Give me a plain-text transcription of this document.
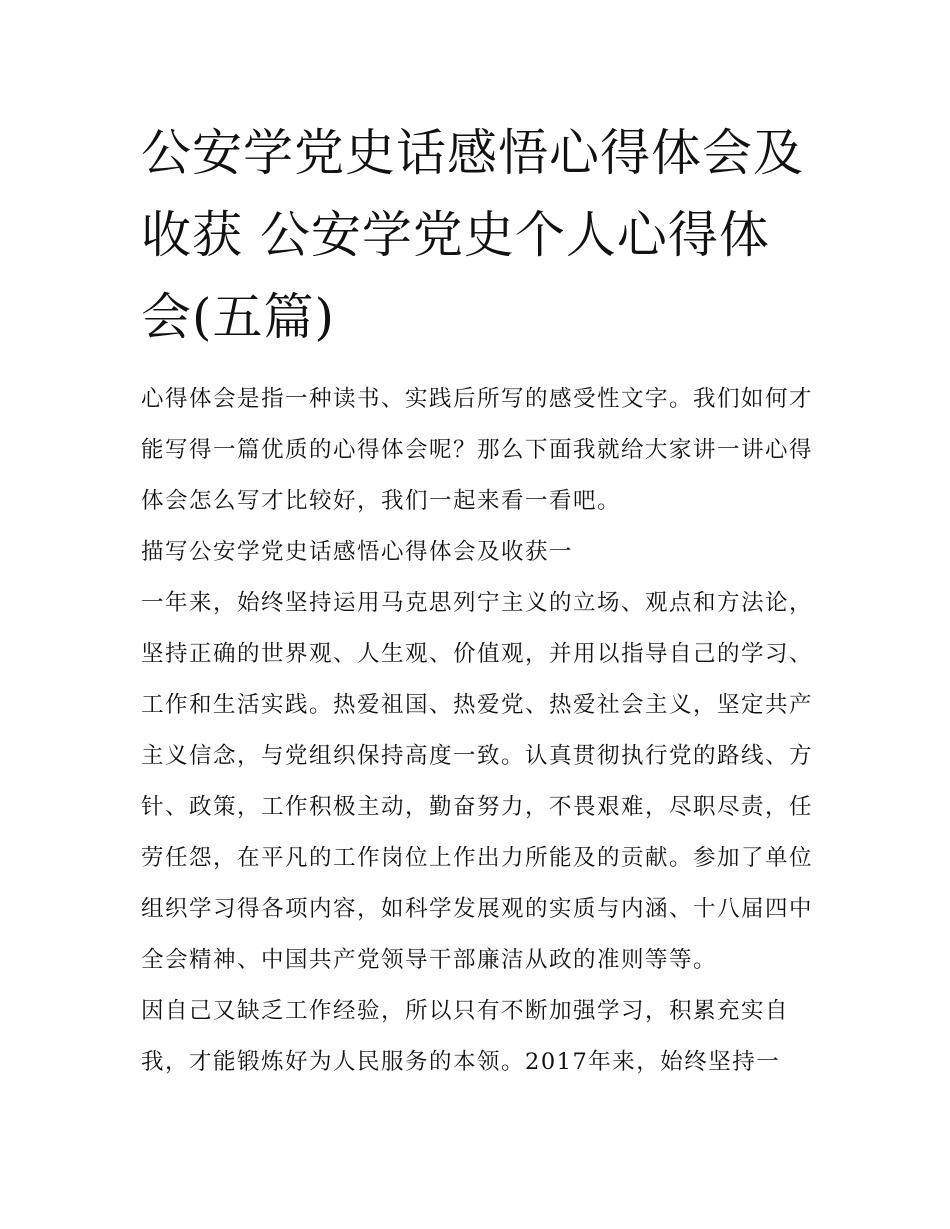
公安学党史话感悟心得体会及收获 公安学党史个人心得体会(五篇)

心得体会是指一种读书、实践后所写的感受性文字。我们如何才能写得一篇优质的心得体会呢？那么下面我就给大家讲一讲心得体会怎么写才比较好，我们一起来看一看吧。

描写公安学党史话感悟心得体会及收获一

一年来，始终坚持运用马克思列宁主义的立场、观点和方法论，坚持正确的世界观、人生观、价值观，并用以指导自己的学习、工作和生活实践。热爱祖国、热爱党、热爱社会主义，坚定共产主义信念，与党组织保持高度一致。认真贯彻执行党的路线、方针、政策，工作积极主动，勤奋努力，不畏艰难，尽职尽责，任劳任怨，在平凡的工作岗位上作出力所能及的贡献。参加了单位组织学习得各项内容，如科学发展观的实质与内涵、十八届四中全会精神、中国共产党领导干部廉洁从政的准则等等。

因自己又缺乏工作经验，所以只有不断加强学习，积累充实自我，才能锻炼好为人民服务的本领。2017年来，始终坚持一
